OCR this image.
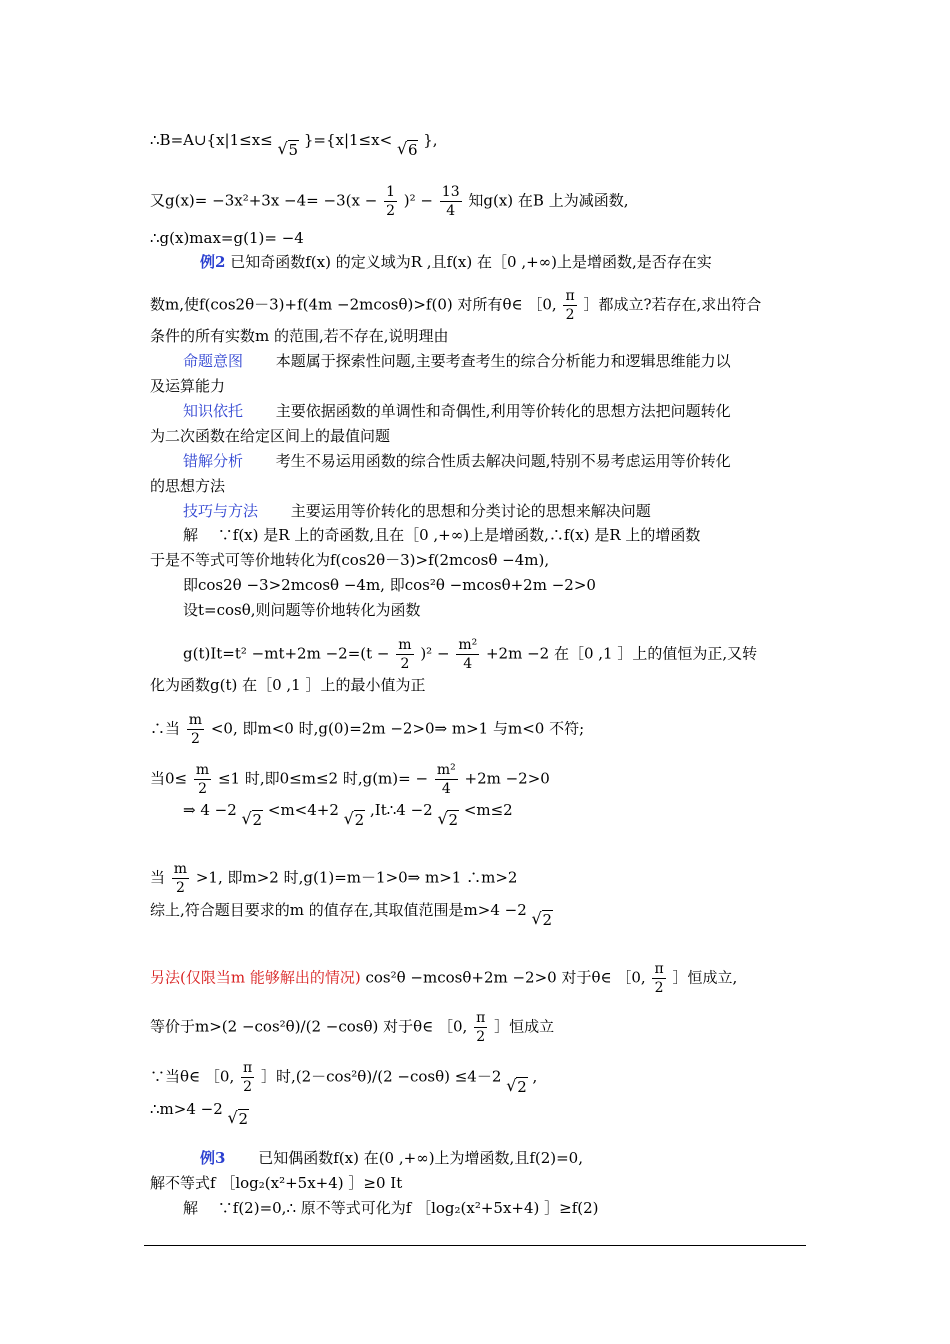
∴B=A∪{x|1≤x≤ √ 5 }={x|1≤x< √ 6 },
又$g(x)= -3x^2+3x -4= -3(x - \frac{1}{2} )^2 - \frac{13}{4}$ 知g(x) 在B 上为减函数,
∴g(x)max=g(1)= −4
例2 已知奇函数f(x) 的定义域为R ,且f(x) 在［0 ,+∞)上是增函数,是否存在实
数m,使f(cos2θ－3)+f(4m −2mcosθ)>f(0) 对所有θ∈ ［0, $\frac{\pi}{2}$ ］都成立?若存在,求出符合
条件的所有实数m 的范围,若不存在,说明理由
命题意图 本题属于探索性问题,主要考查考生的综合分析能力和逻辑思维能力以
及运算能力
知识依托 主要依据函数的单调性和奇偶性,利用等价转化的思想方法把问题转化
为二次函数在给定区间上的最值问题
错解分析 考生不易运用函数的综合性质去解决问题,特别不易考虑运用等价转化
的思想方法
技巧与方法 主要运用等价转化的思想和分类讨论的思想来解决问题
解　 ∵f(x) 是R 上的奇函数,且在［0 ,+∞)上是增函数,∴f(x) 是R 上的增函数
于是不等式可等价地转化为f(cos2θ－3)>f(2mcosθ −4m),
即cos2θ −3>2mcosθ −4m, 即cos²θ −mcosθ+2m −2>0
设t=cosθ,则问题等价地转化为函数
g(t)Ⅰt=t² $-mt+2m -2=(t - \frac{m}{2} )^2 - \frac{\text{m²}}{4} +2m -2$ 在［0 ,1 ］上的值恒为正,又转
化为函数g(t) 在［0 ,1 ］上的最小值为正
∴当 $\frac{m}{2} <0$, 即m<0 时,g(0)=2m −2>0⇒ m>1 与m<0 不符;
当$0\le \frac{m}{2} \le 1$ 时,即0≤m≤2 时$,g(m)= - \frac{\text{m²}}{4} +2m -2>0$
⇒ 4 −2 √ 2 <m<4+2 √ 2 ,Ⅰt∴4 −2 √ 2 <m≤2
当 $\frac{m}{2} >1$, 即m>2 时,g(1)=m－1>0⇒ m>1 ∴m>2
综上,符合题目要求的m 的值存在,其取值范围是m>4 −2 √ 2
另法(仅限当m 能够解出的情况) cos²θ −mcosθ+2m −2>0 对于θ∈ ［0, $\frac{\pi}{2}$ ］恒成立,
等价于m>(2 −cos²θ)/(2 −cosθ) 对于θ∈ ［0, $\frac{\pi}{2}$ ］恒成立
∵当θ∈ ［0, $\frac{\pi}{2}$ ］时,(2－cos²θ)/(2 −cosθ) ≤4－2 √ 2 ,
∴m>4 −2 √ 2
例3 已知偶函数f(x) 在(0 ,+∞)上为增函数,且f(2)=0,
解不等式f ［log₂(x²+5x+4) ］≥0 Ⅰt
解　 ∵f(2)=0,∴ 原不等式可化为f ［log₂(x²+5x+4) ］≥f(2)
